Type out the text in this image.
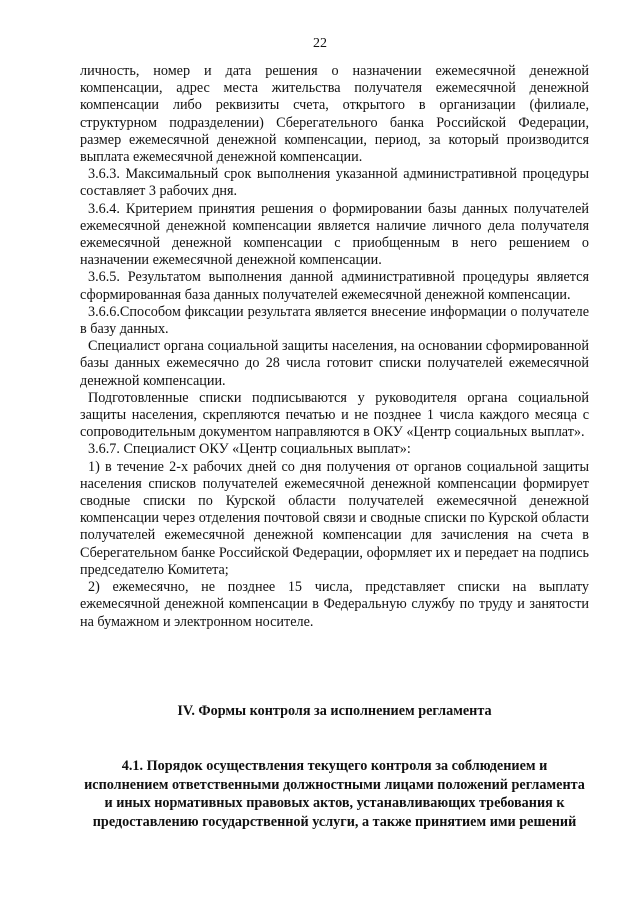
22

личность, номер и дата решения о назначении ежемесячной денежной компенсации, адрес места жительства получателя ежемесячной денежной компенсации либо реквизиты счета, открытого в организации (филиале, структурном подразделении) Сберегательного банка Российской Федерации, размер ежемесячной денежной компенсации, период, за который производится выплата ежемесячной денежной компенсации.

3.6.3. Максимальный срок выполнения указанной административной процедуры составляет 3 рабочих дня.

3.6.4. Критерием принятия решения о формировании базы данных получателей ежемесячной денежной компенсации является наличие личного дела получателя ежемесячной денежной компенсации с приобщенным в него решением о назначении ежемесячной денежной компенсации.

3.6.5. Результатом выполнения данной административной процедуры является сформированная база данных получателей ежемесячной денежной компенсации.

3.6.6.Способом фиксации результата является внесение информации о получателе в базу данных.

Специалист органа социальной защиты населения, на основании сформированной базы данных ежемесячно до 28 числа готовит списки получателей ежемесячной денежной компенсации.

Подготовленные списки подписываются у руководителя органа социальной защиты населения, скрепляются печатью и не позднее 1 числа каждого месяца с сопроводительным документом направляются в ОКУ «Центр социальных выплат».

3.6.7. Специалист ОКУ «Центр социальных выплат»:

1) в течение 2-х рабочих дней со дня получения от органов социальной защиты населения списков получателей ежемесячной денежной компенсации формирует сводные списки по Курской области получателей ежемесячной денежной компенсации через отделения почтовой связи и сводные списки по Курской области получателей ежемесячной денежной компенсации для зачисления на счета в Сберегательном банке Российской Федерации, оформляет их и передает на подпись председателю Комитета;

2) ежемесячно, не позднее 15 числа, представляет списки на выплату ежемесячной денежной компенсации в Федеральную службу по труду и занятости на бумажном и электронном носителе.

IV. Формы контроля за исполнением регламента
4.1. Порядок осуществления текущего контроля за соблюдением и исполнением ответственными должностными лицами положений регламента и иных нормативных правовых актов, устанавливающих требования к предоставлению государственной услуги, а также принятием ими решений
